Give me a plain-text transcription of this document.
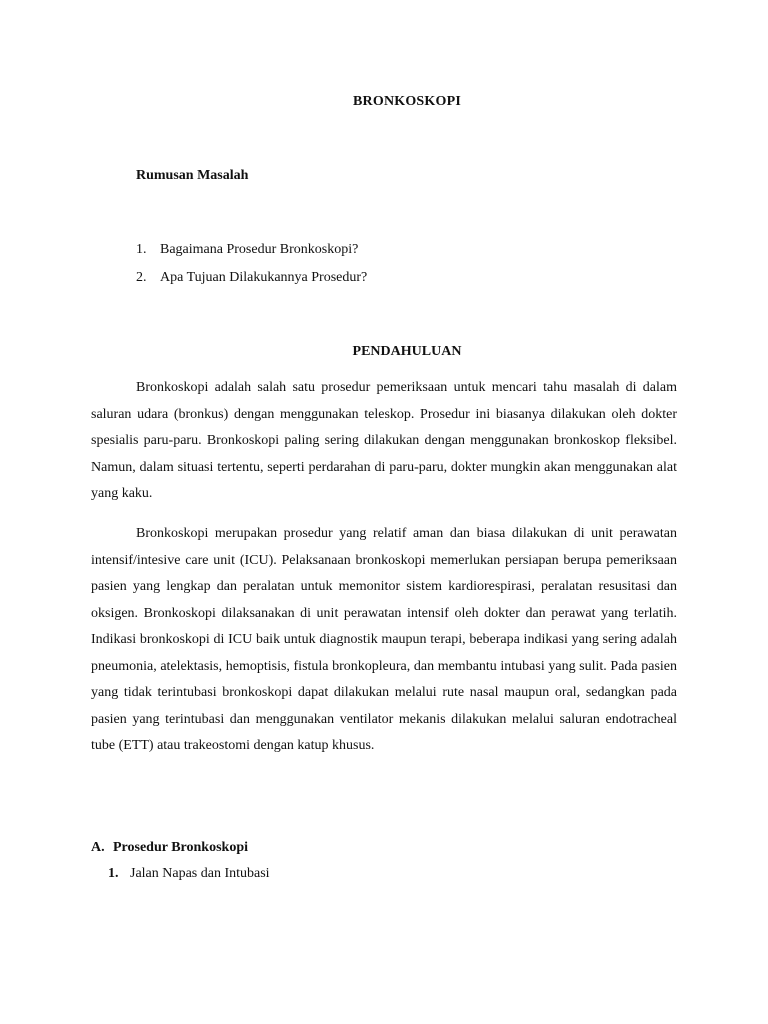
BRONKOSKOPI
Rumusan Masalah
1. Bagaimana Prosedur Bronkoskopi?
2. Apa Tujuan Dilakukannya Prosedur?
PENDAHULUAN

Bronkoskopi adalah salah satu prosedur pemeriksaan untuk mencari tahu masalah di dalam saluran udara (bronkus) dengan menggunakan teleskop. Prosedur ini biasanya dilakukan oleh dokter spesialis paru-paru. Bronkoskopi paling sering dilakukan dengan menggunakan bronkoskop fleksibel. Namun, dalam situasi tertentu, seperti perdarahan di paru-paru, dokter mungkin akan menggunakan alat yang kaku.

Bronkoskopi merupakan prosedur yang relatif aman dan biasa dilakukan di unit perawatan intensif/intesive care unit (ICU). Pelaksanaan bronkoskopi memerlukan persiapan berupa pemeriksaan pasien yang lengkap dan peralatan untuk memonitor sistem kardiorespirasi, peralatan resusitasi dan oksigen. Bronkoskopi dilaksanakan di unit perawatan intensif oleh dokter dan perawat yang terlatih. Indikasi bronkoskopi di ICU baik untuk diagnostik maupun terapi, beberapa indikasi yang sering adalah pneumonia, atelektasis, hemoptisis, fistula bronkopleura, dan membantu intubasi yang sulit. Pada pasien yang tidak terintubasi bronkoskopi dapat dilakukan melalui rute nasal maupun oral, sedangkan pada pasien yang terintubasi dan menggunakan ventilator mekanis dilakukan melalui saluran endotracheal tube (ETT) atau trakeostomi dengan katup khusus.

A. Prosedur Bronkoskopi
1. Jalan Napas dan Intubasi
